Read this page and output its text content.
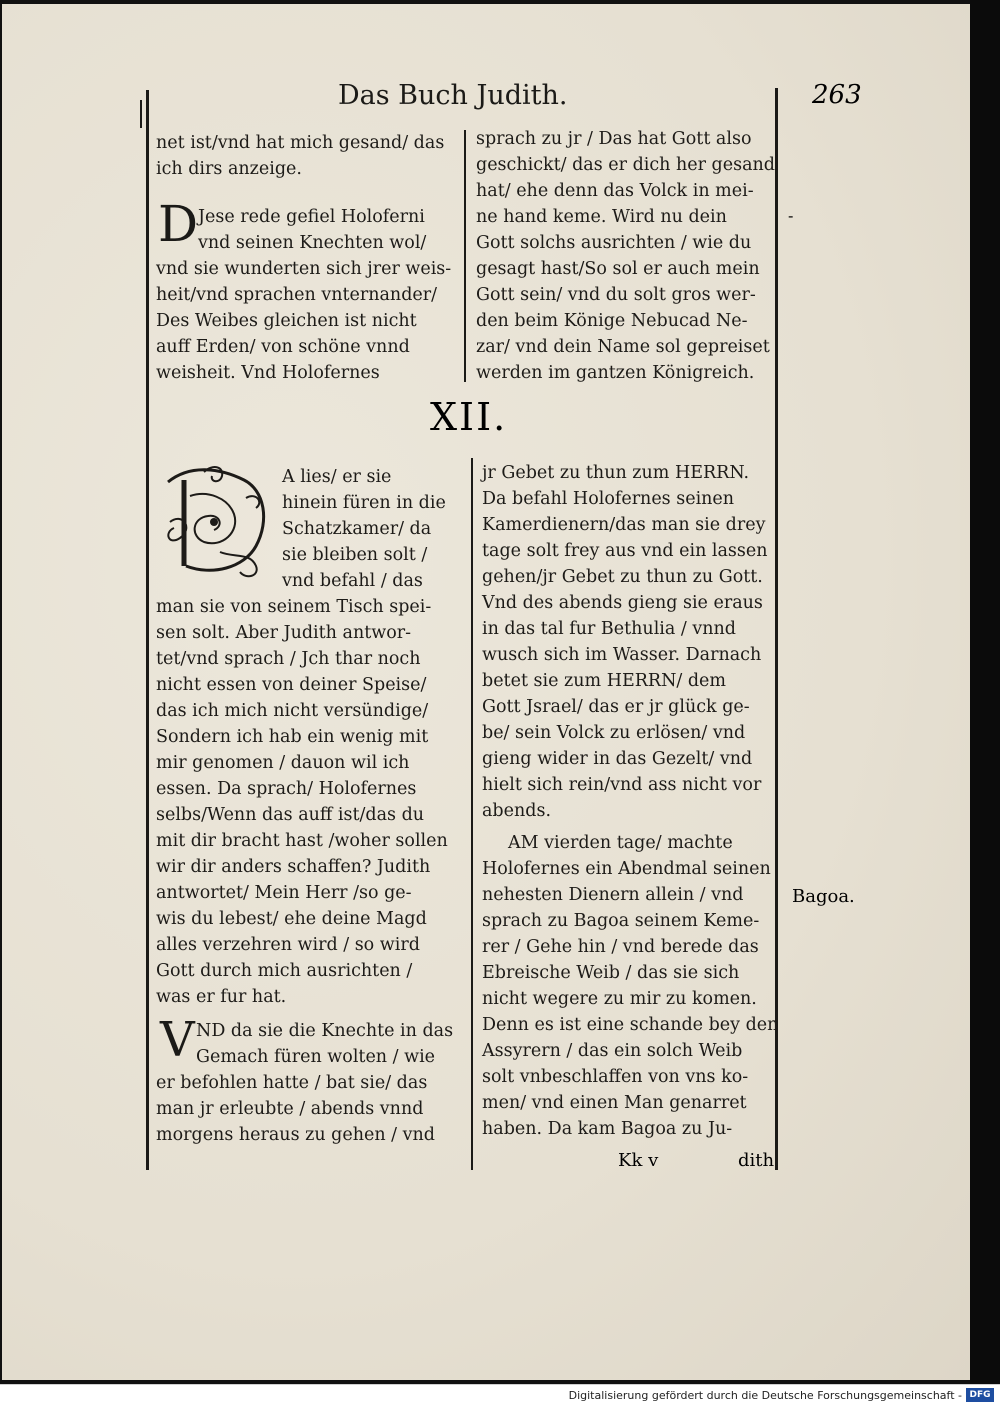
Das Buch Judith.	263
net ist/vnd hat mich gesand/ das
ich dirs anzeige.
D Jese rede gefiel Holoferni
vnd seinen Knechten wol/
vnd sie wunderten sich jrer weis-
heit/vnd sprachen vnternander/
Des Weibes gleichen ist nicht
auff Erden/ von schöne vnnd
weisheit. Vnd Holofernes
sprach zu jr / Das hat Gott also
geschickt/ das er dich her gesand
hat/ ehe denn das Volck in mei-
ne hand keme. Wird nu dein
Gott solchs ausrichten / wie du
gesagt hast/So sol er auch mein
Gott sein/ vnd du solt gros wer-
den beim Könige Nebucad Ne-
zar/ vnd dein Name sol gepreiset
werden im gantzen Königreich.
-
XII.
A lies/ er sie
hinein füren in die
Schatzkamer/ da
sie bleiben solt /
vnd befahl / das
man sie von seinem Tisch spei-
sen solt. Aber Judith antwor-
tet/vnd sprach / Jch thar noch
nicht essen von deiner Speise/
das ich mich nicht versündige/
Sondern ich hab ein wenig mit
mir genomen / dauon wil ich
essen. Da sprach/ Holofernes
selbs/Wenn das auff ist/das du
mit dir bracht hast /woher sollen
wir dir anders schaffen? Judith
antwortet/ Mein Herr /so ge-
wis du lebest/ ehe deine Magd
alles verzehren wird / so wird
Gott durch mich ausrichten /
was er fur hat.
V ND da sie die Knechte in das
Gemach füren wolten / wie
er befohlen hatte / bat sie/ das
man jr erleubte / abends vnnd
morgens heraus zu gehen / vnd
jr Gebet zu thun zum HERRN.
Da befahl Holofernes seinen
Kamerdienern/das man sie drey
tage solt frey aus vnd ein lassen
gehen/jr Gebet zu thun zu Gott.
Vnd des abends gieng sie eraus
in das tal fur Bethulia / vnnd
wusch sich im Wasser. Darnach
betet sie zum HERRN/ dem
Gott Jsrael/ das er jr glück ge-
be/ sein Volck zu erlösen/ vnd
gieng wider in das Gezelt/ vnd
hielt sich rein/vnd ass nicht vor
abends.
AM vierden tage/ machte
Holofernes ein Abendmal seinen
nehesten Dienern allein / vnd
sprach zu Bagoa seinem Keme-
rer / Gehe hin / vnd berede das
Ebreische Weib / das sie sich
nicht wegere zu mir zu komen.
Denn es ist eine schande bey den
Assyrern / das ein solch Weib
solt vnbeschlaffen von vns ko-
men/ vnd einen Man genarret
haben. Da kam Bagoa zu Ju-
Bagoa.
Kk v	dith
Digitalisierung gefördert durch die Deutsche Forschungsgemeinschaft - DFG
